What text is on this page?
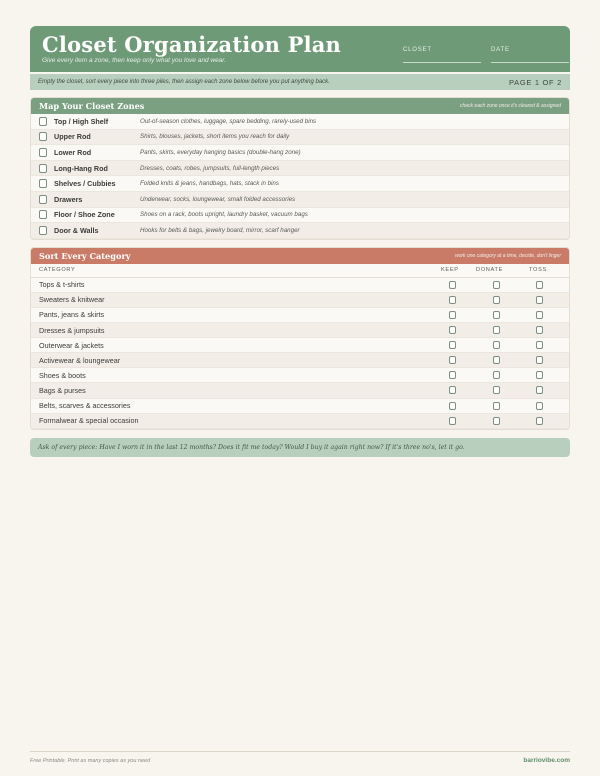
Closet Organization Plan
Give every item a zone, then keep only what you love and wear.
CLOSET	DATE
Empty the closet, sort every piece into three piles, then assign each zone below before you put anything back.	PAGE 1 OF 2
Map Your Closet Zones	check each zone once it's cleared & assigned
Top / High Shelf	Out-of-season clothes, luggage, spare bedding, rarely-used bins
Upper Rod	Shirts, blouses, jackets, short items you reach for daily
Lower Rod	Pants, skirts, everyday hanging basics (double-hang zone)
Long-Hang Rod	Dresses, coats, robes, jumpsuits, full-length pieces
Shelves / Cubbies	Folded knits & jeans, handbags, hats, stack in bins
Drawers	Underwear, socks, loungewear, small folded accessories
Floor / Shoe Zone	Shoes on a rack, boots upright, laundry basket, vacuum bags
Door & Walls	Hooks for belts & bags, jewelry board, mirror, scarf hanger
Sort Every Category	work one category at a time, decide, don't linger
CATEGORY	KEEP	DONATE	TOSS
Tops & t-shirts
Sweaters & knitwear
Pants, jeans & skirts
Dresses & jumpsuits
Outerwear & jackets
Activewear & loungewear
Shoes & boots
Bags & purses
Belts, scarves & accessories
Formalwear & special occasion
Ask of every piece: Have I worn it in the last 12 months? Does it fit me today? Would I buy it again right now? If it's three no's, let it go.
Free Printable. Print as many copies as you need	barriovibe.com
